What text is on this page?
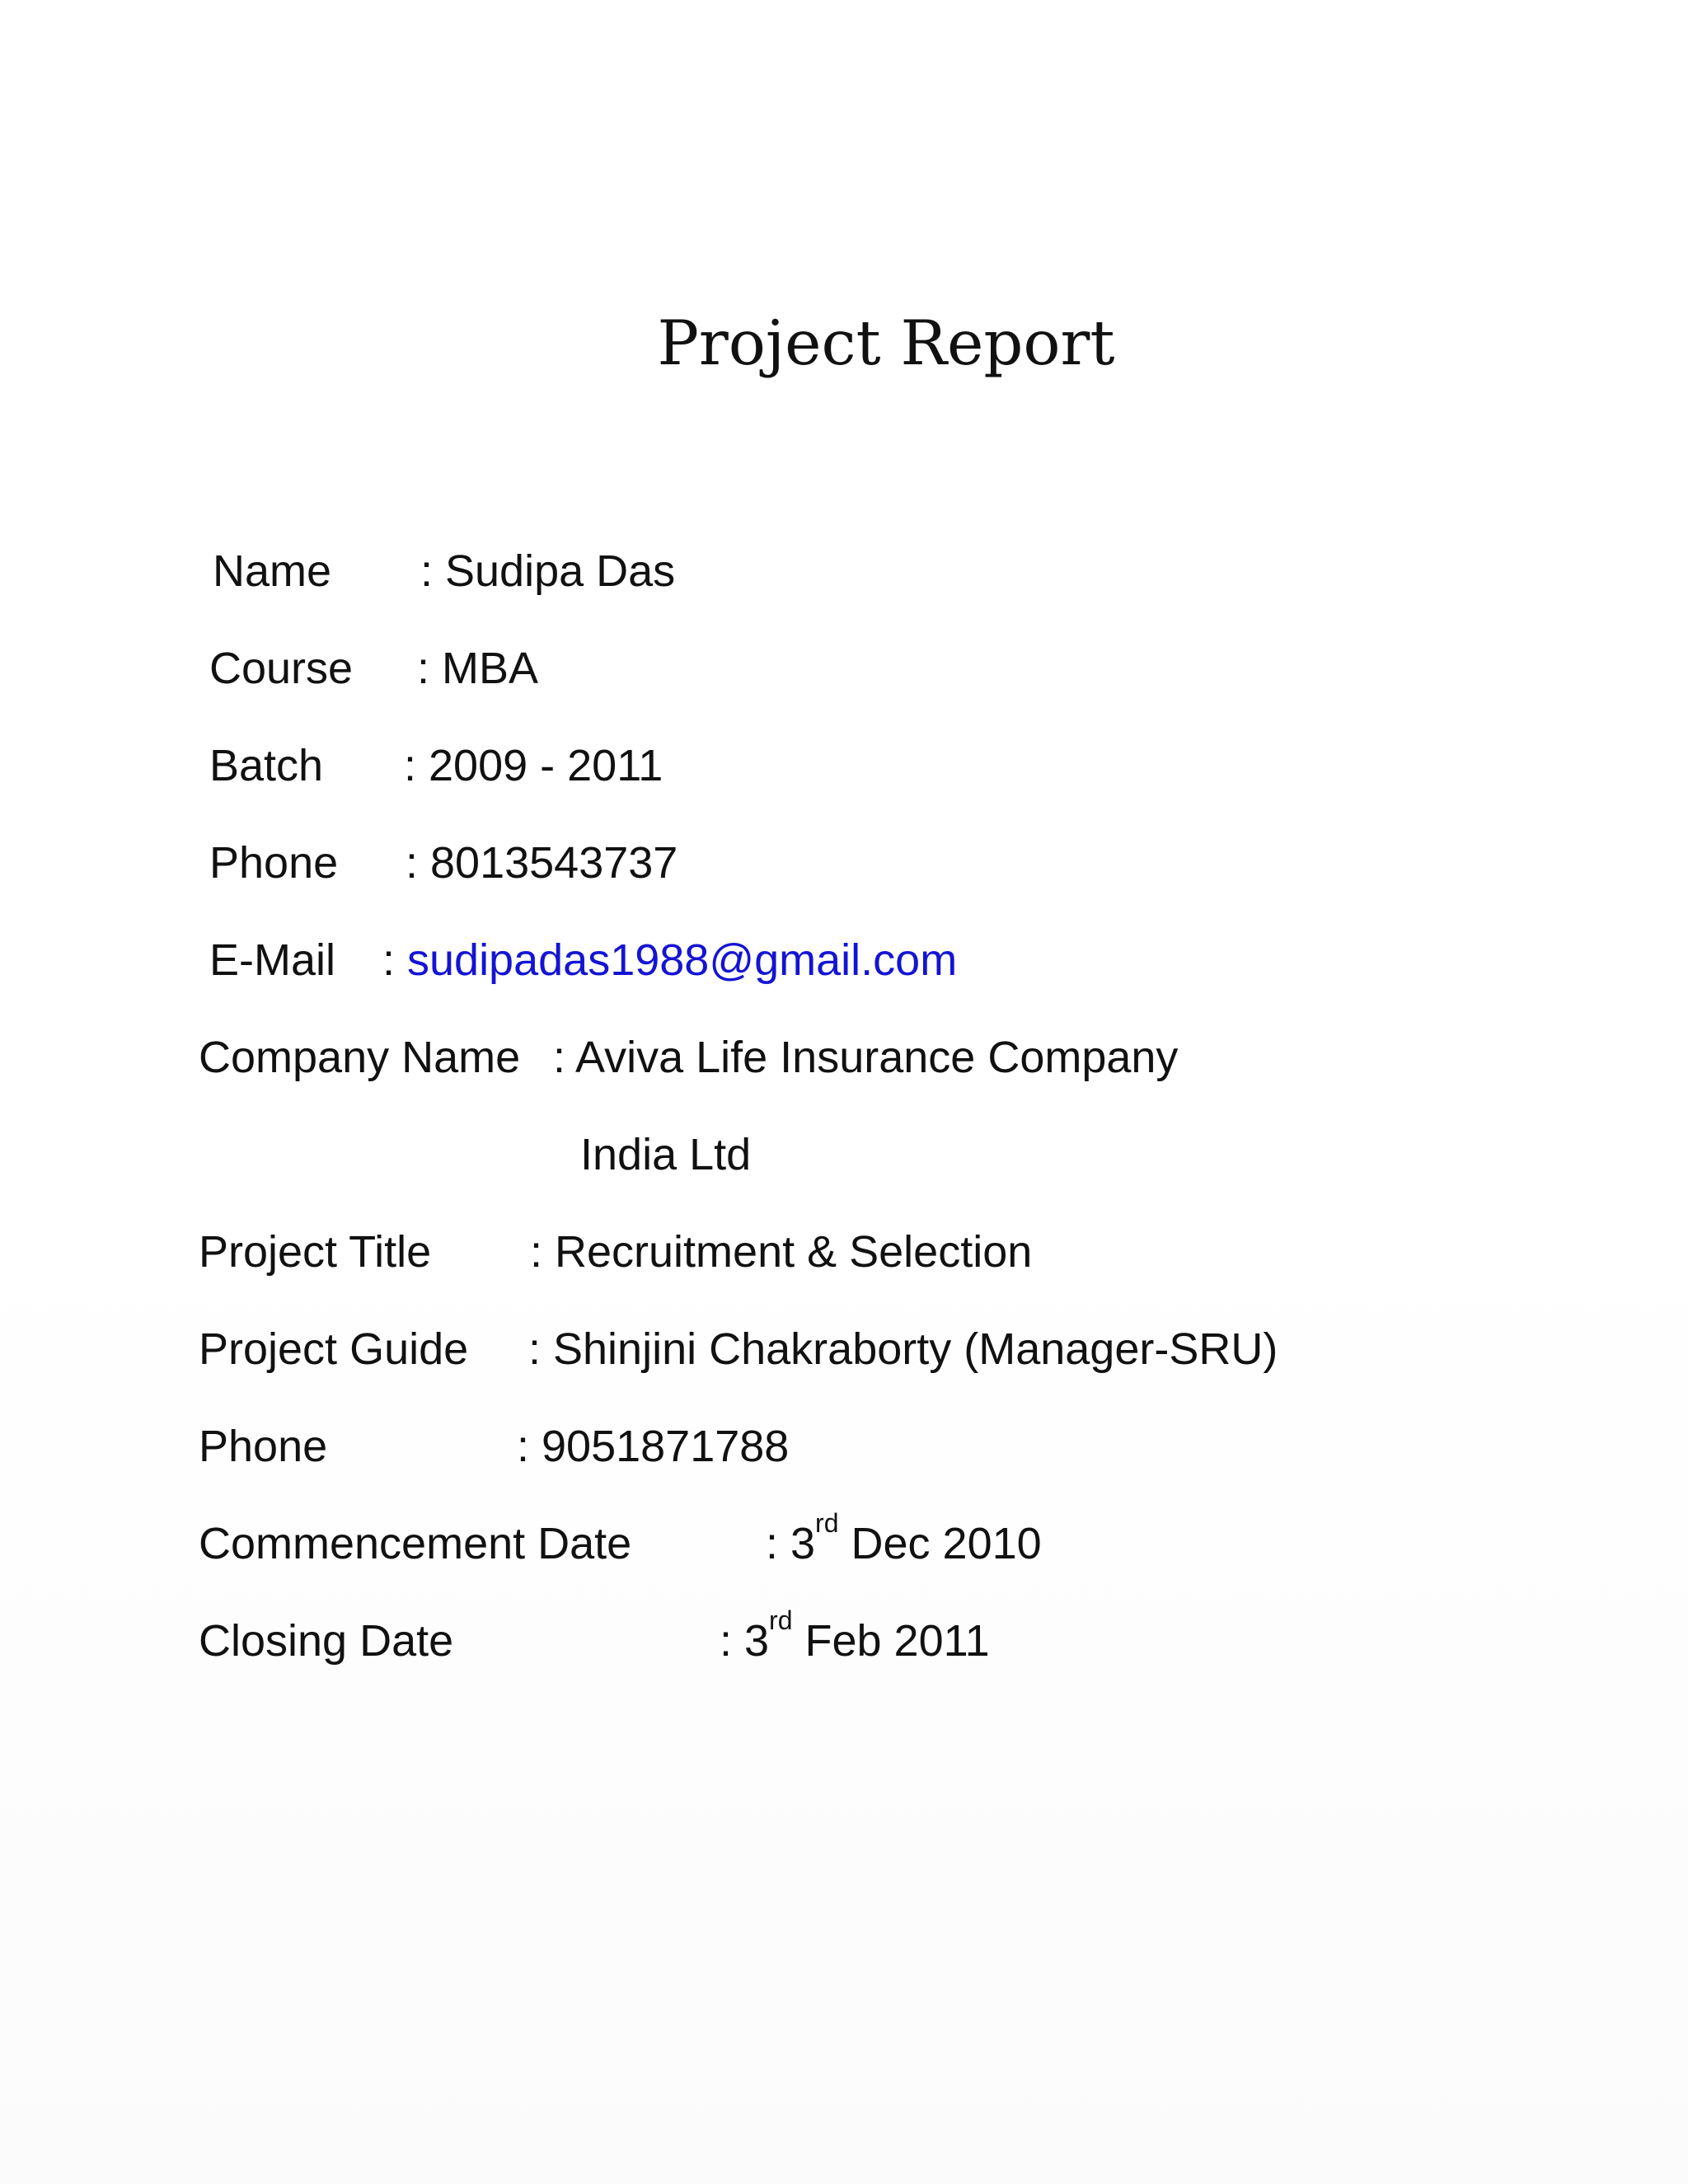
Project Report
Name : Sudipa Das
Course : MBA
Batch : 2009 - 2011
Phone : 8013543737
E-Mail : sudipadas1988@gmail.com
Company Name : Aviva Life Insurance Company
India Ltd
Project Title : Recruitment & Selection
Project Guide : Shinjini Chakraborty (Manager-SRU)
Phone	: 9051871788
Commencement Date	: 3rd Dec 2010
Closing Date	: 3rd Feb 2011
